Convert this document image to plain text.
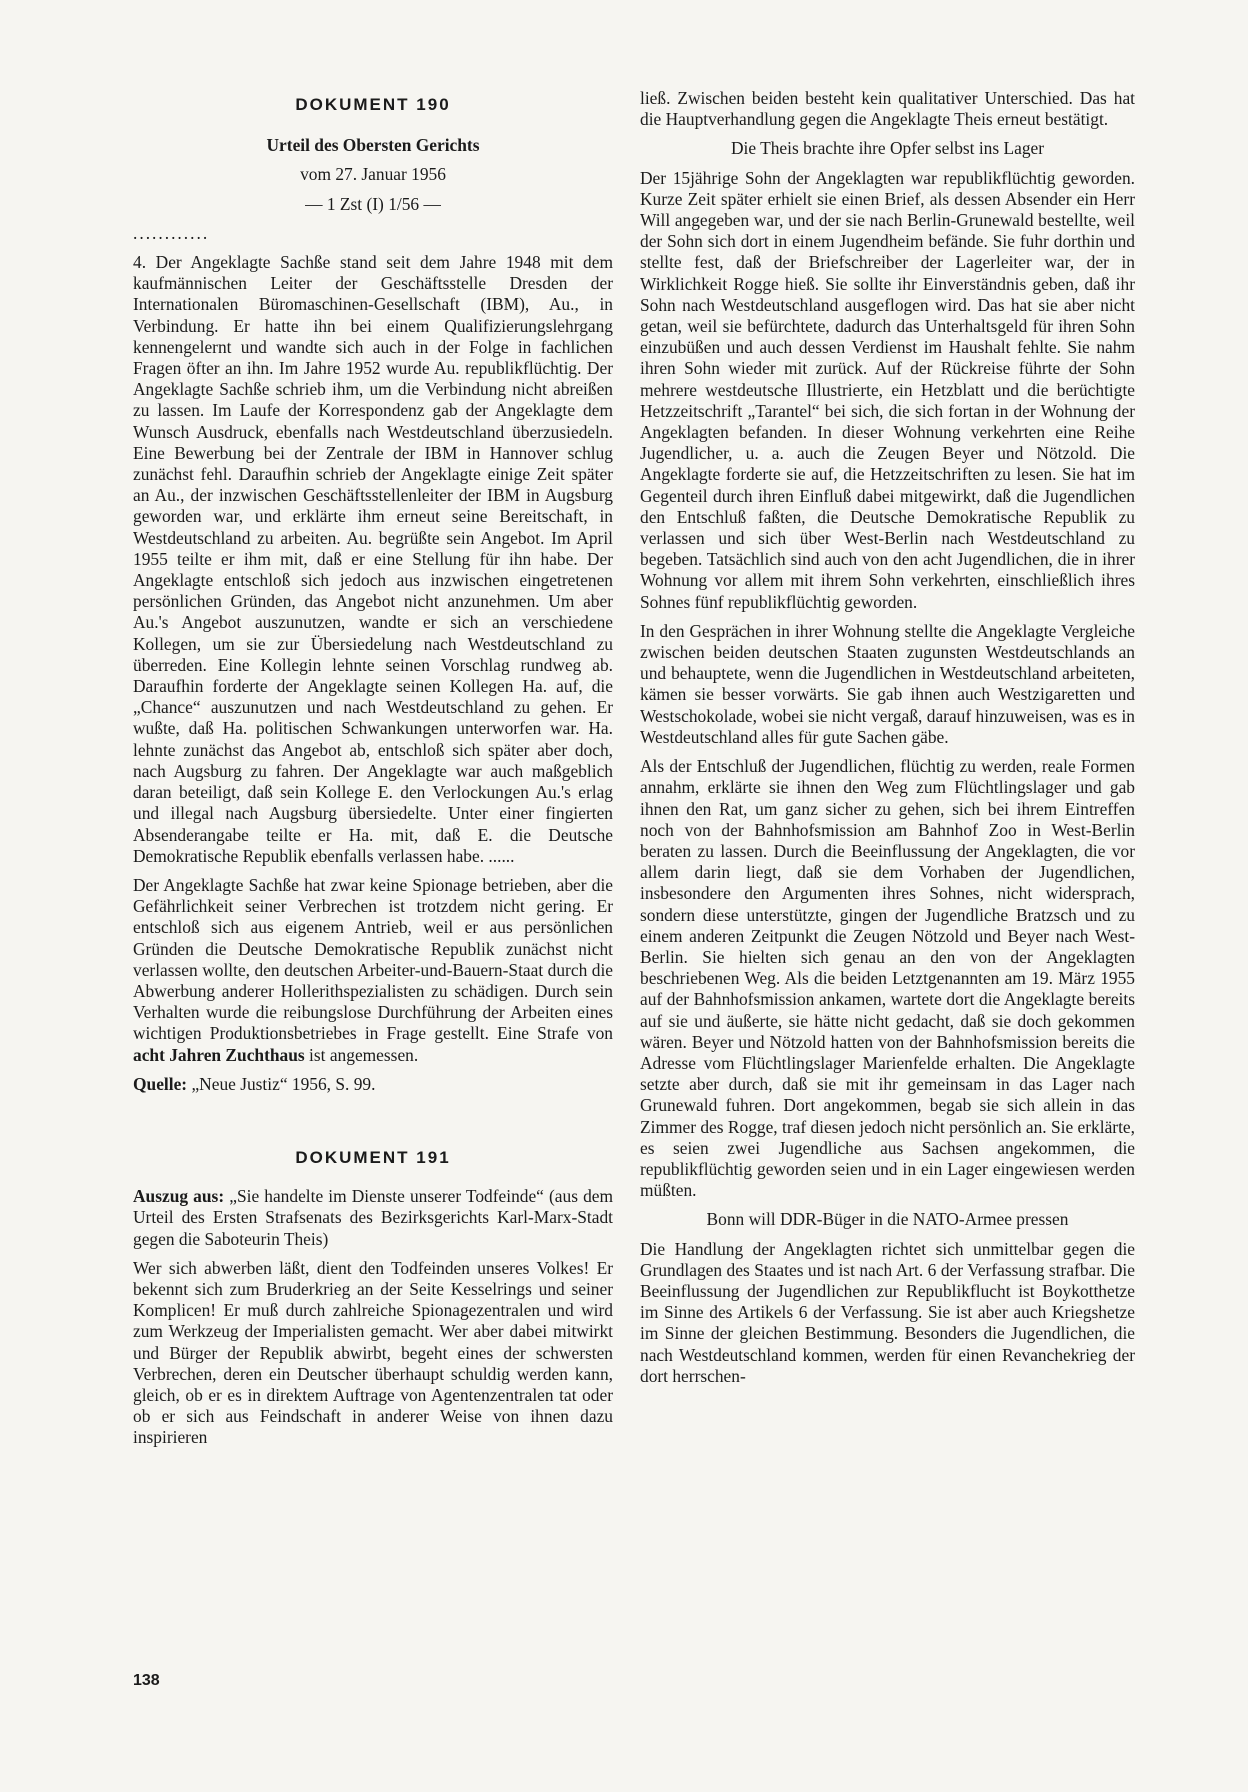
DOKUMENT 190

Urteil des Obersten Gerichts

vom 27. Januar 1956

— 1 Zst (I) 1/56 —

............

4. Der Angeklagte Sachße stand seit dem Jahre 1948 mit dem kaufmännischen Leiter der Geschäftsstelle Dresden der Internationalen Büromaschinen-Gesellschaft (IBM), Au., in Verbindung. Er hatte ihn bei einem Qualifizierungslehrgang kennengelernt und wandte sich auch in der Folge in fachlichen Fragen öfter an ihn. Im Jahre 1952 wurde Au. republikflüchtig. Der Angeklagte Sachße schrieb ihm, um die Verbindung nicht abreißen zu lassen. Im Laufe der Korrespondenz gab der Angeklagte dem Wunsch Ausdruck, ebenfalls nach Westdeutschland überzusiedeln. Eine Bewerbung bei der Zentrale der IBM in Hannover schlug zunächst fehl. Daraufhin schrieb der Angeklagte einige Zeit später an Au., der inzwischen Geschäftsstellenleiter der IBM in Augsburg geworden war, und erklärte ihm erneut seine Bereitschaft, in Westdeutschland zu arbeiten. Au. begrüßte sein Angebot. Im April 1955 teilte er ihm mit, daß er eine Stellung für ihn habe. Der Angeklagte entschloß sich jedoch aus inzwischen eingetretenen persönlichen Gründen, das Angebot nicht anzunehmen. Um aber Au.'s Angebot auszunutzen, wandte er sich an verschiedene Kollegen, um sie zur Übersiedelung nach Westdeutschland zu überreden. Eine Kollegin lehnte seinen Vorschlag rundweg ab. Daraufhin forderte der Angeklagte seinen Kollegen Ha. auf, die „Chance“ auszunutzen und nach Westdeutschland zu gehen. Er wußte, daß Ha. politischen Schwankungen unterworfen war. Ha. lehnte zunächst das Angebot ab, entschloß sich später aber doch, nach Augsburg zu fahren. Der Angeklagte war auch maßgeblich daran beteiligt, daß sein Kollege E. den Verlockungen Au.'s erlag und illegal nach Augsburg übersiedelte. Unter einer fingierten Absenderangabe teilte er Ha. mit, daß E. die Deutsche Demokratische Republik ebenfalls verlassen habe. ......

Der Angeklagte Sachße hat zwar keine Spionage betrieben, aber die Gefährlichkeit seiner Verbrechen ist trotzdem nicht gering. Er entschloß sich aus eigenem Antrieb, weil er aus persönlichen Gründen die Deutsche Demokratische Republik zunächst nicht verlassen wollte, den deutschen Arbeiter-und-Bauern-Staat durch die Abwerbung anderer Hollerithspezialisten zu schädigen. Durch sein Verhalten wurde die reibungslose Durchführung der Arbeiten eines wichtigen Produktionsbetriebes in Frage gestellt. Eine Strafe von acht Jahren Zuchthaus ist angemessen.

Quelle: „Neue Justiz“ 1956, S. 99.

DOKUMENT 191

Auszug aus: „Sie handelte im Dienste unserer Todfeinde“ (aus dem Urteil des Ersten Strafsenats des Bezirksgerichts Karl-Marx-Stadt gegen die Saboteurin Theis)

Wer sich abwerben läßt, dient den Todfeinden unseres Volkes! Er bekennt sich zum Bruderkrieg an der Seite Kesselrings und seiner Komplicen! Er muß durch zahlreiche Spionagezentralen und wird zum Werkzeug der Imperialisten gemacht. Wer aber dabei mitwirkt und Bürger der Republik abwirbt, begeht eines der schwersten Verbrechen, deren ein Deutscher überhaupt schuldig werden kann, gleich, ob er es in direktem Auftrage von Agentenzentralen tat oder ob er sich aus Feindschaft in anderer Weise von ihnen dazu inspirieren

ließ. Zwischen beiden besteht kein qualitativer Unterschied. Das hat die Hauptverhandlung gegen die Angeklagte Theis erneut bestätigt.

Die Theis brachte ihre Opfer selbst ins Lager

Der 15jährige Sohn der Angeklagten war republikflüchtig geworden. Kurze Zeit später erhielt sie einen Brief, als dessen Absender ein Herr Will angegeben war, und der sie nach Berlin-Grunewald bestellte, weil der Sohn sich dort in einem Jugendheim befände. Sie fuhr dorthin und stellte fest, daß der Briefschreiber der Lagerleiter war, der in Wirklichkeit Rogge hieß. Sie sollte ihr Einverständnis geben, daß ihr Sohn nach Westdeutschland ausgeflogen wird. Das hat sie aber nicht getan, weil sie befürchtete, dadurch das Unterhaltsgeld für ihren Sohn einzubüßen und auch dessen Verdienst im Haushalt fehlte. Sie nahm ihren Sohn wieder mit zurück. Auf der Rückreise führte der Sohn mehrere westdeutsche Illustrierte, ein Hetzblatt und die berüchtigte Hetzzeitschrift „Tarantel“ bei sich, die sich fortan in der Wohnung der Angeklagten befanden. In dieser Wohnung verkehrten eine Reihe Jugendlicher, u. a. auch die Zeugen Beyer und Nötzold. Die Angeklagte forderte sie auf, die Hetzzeitschriften zu lesen. Sie hat im Gegenteil durch ihren Einfluß dabei mitgewirkt, daß die Jugendlichen den Entschluß faßten, die Deutsche Demokratische Republik zu verlassen und sich über West-Berlin nach Westdeutschland zu begeben. Tatsächlich sind auch von den acht Jugendlichen, die in ihrer Wohnung vor allem mit ihrem Sohn verkehrten, einschließlich ihres Sohnes fünf republikflüchtig geworden.

In den Gesprächen in ihrer Wohnung stellte die Angeklagte Vergleiche zwischen beiden deutschen Staaten zugunsten Westdeutschlands an und behauptete, wenn die Jugendlichen in Westdeutschland arbeiteten, kämen sie besser vorwärts. Sie gab ihnen auch Westzigaretten und Westschokolade, wobei sie nicht vergaß, darauf hinzuweisen, was es in Westdeutschland alles für gute Sachen gäbe.

Als der Entschluß der Jugendlichen, flüchtig zu werden, reale Formen annahm, erklärte sie ihnen den Weg zum Flüchtlingslager und gab ihnen den Rat, um ganz sicher zu gehen, sich bei ihrem Eintreffen noch von der Bahnhofsmission am Bahnhof Zoo in West-Berlin beraten zu lassen. Durch die Beeinflussung der Angeklagten, die vor allem darin liegt, daß sie dem Vorhaben der Jugendlichen, insbesondere den Argumenten ihres Sohnes, nicht widersprach, sondern diese unterstützte, gingen der Jugendliche Bratzsch und zu einem anderen Zeitpunkt die Zeugen Nötzold und Beyer nach West-Berlin. Sie hielten sich genau an den von der Angeklagten beschriebenen Weg. Als die beiden Letztgenannten am 19. März 1955 auf der Bahnhofsmission ankamen, wartete dort die Angeklagte bereits auf sie und äußerte, sie hätte nicht gedacht, daß sie doch gekommen wären. Beyer und Nötzold hatten von der Bahnhofsmission bereits die Adresse vom Flüchtlingslager Marienfelde erhalten. Die Angeklagte setzte aber durch, daß sie mit ihr gemeinsam in das Lager nach Grunewald fuhren. Dort angekommen, begab sie sich allein in das Zimmer des Rogge, traf diesen jedoch nicht persönlich an. Sie erklärte, es seien zwei Jugendliche aus Sachsen angekommen, die republikflüchtig geworden seien und in ein Lager eingewiesen werden müßten.

Bonn will DDR-Büger in die NATO-Armee pressen

Die Handlung der Angeklagten richtet sich unmittelbar gegen die Grundlagen des Staates und ist nach Art. 6 der Verfassung strafbar. Die Beeinflussung der Jugendlichen zur Republikflucht ist Boykotthetze im Sinne des Artikels 6 der Verfassung. Sie ist aber auch Kriegshetze im Sinne der gleichen Bestimmung. Besonders die Jugendlichen, die nach Westdeutschland kommen, werden für einen Revanchekrieg der dort herrschen-

138
